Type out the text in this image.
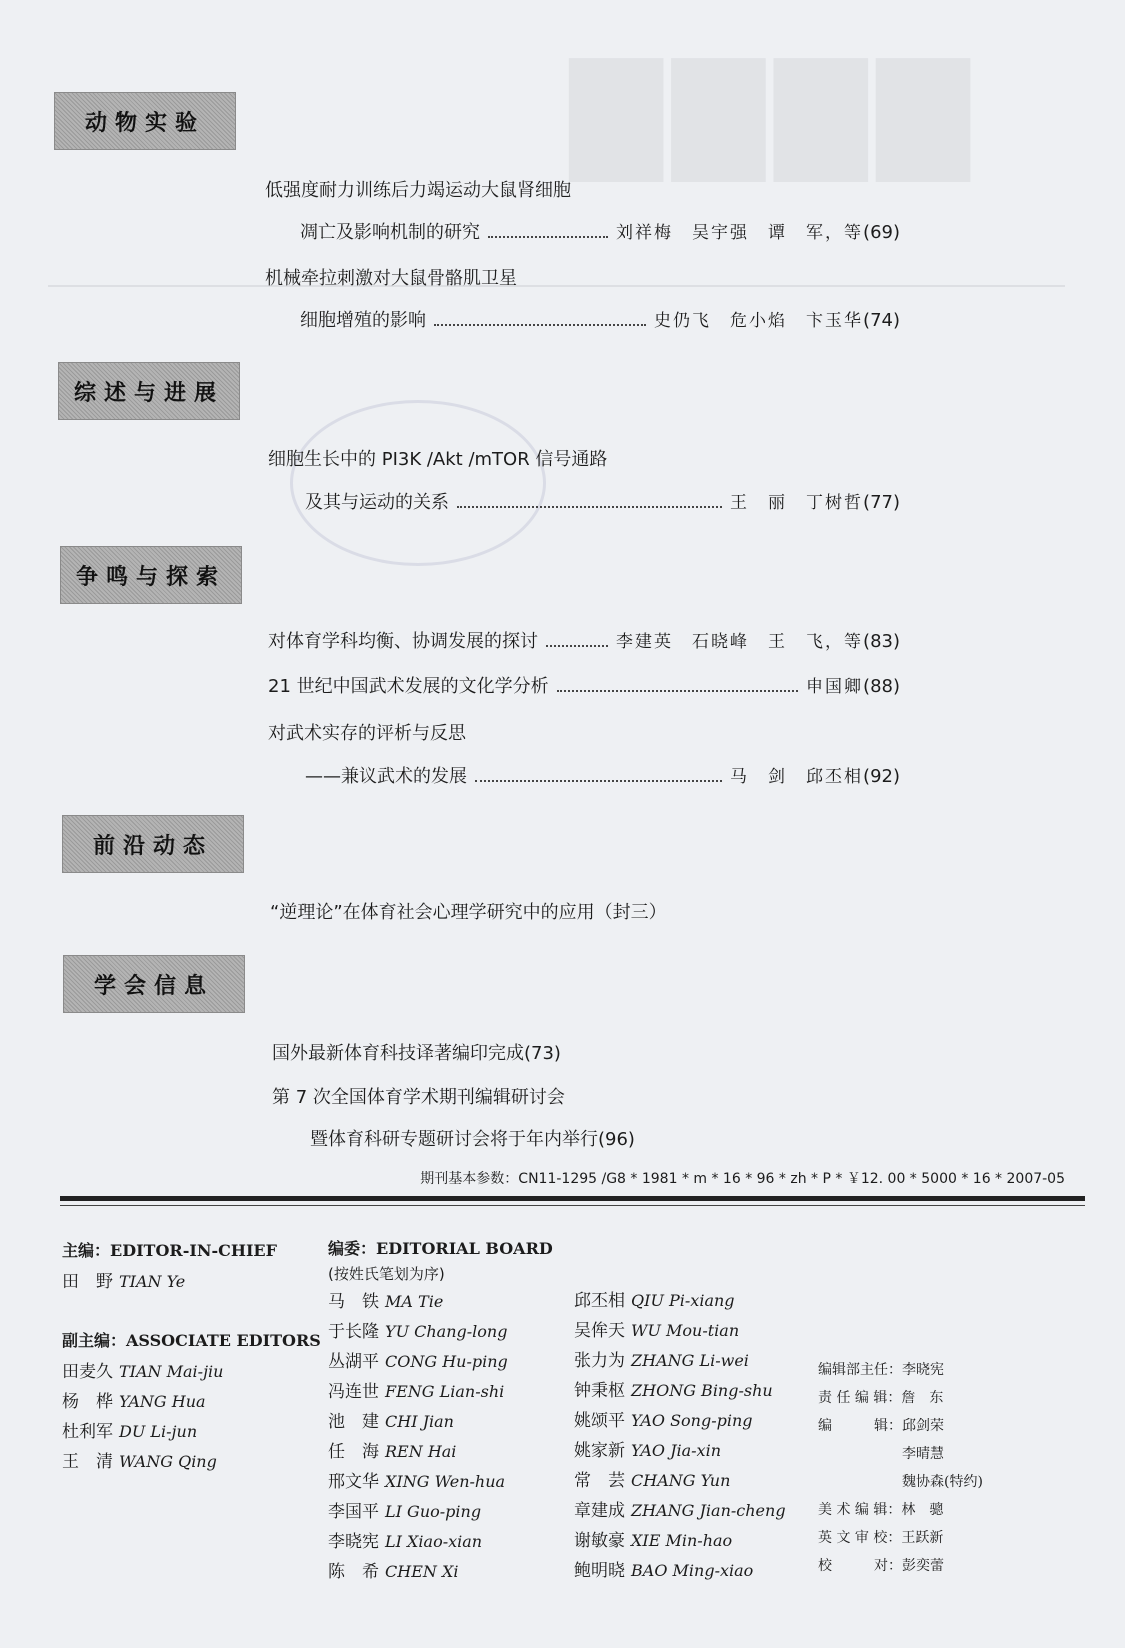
▇▇▇▇
动物实验
低强度耐力训练后力竭运动大鼠肾细胞
凋亡及影响机制的研究	刘祥梅　吴宇强　谭　军，等 (69)
机械牵拉刺激对大鼠骨骼肌卫星
细胞增殖的影响	史仍飞　危小焰　卞玉华 (74)
综述与进展
细胞生长中的 PI3K /Akt /mTOR 信号通路
及其与运动的关系	王　丽　丁树哲 (77)
争鸣与探索
对体育学科均衡、协调发展的探讨	李建英　石晓峰　王　飞，等 (83)
21 世纪中国武术发展的文化学分析	申国卿 (88)
对武术实存的评析与反思
——兼议武术的发展	马　剑　邱丕相 (92)
前沿动态
“逆理论”在体育社会心理学研究中的应用（封三）
学会信息
国外最新体育科技译著编印完成(73)
第 7 次全国体育学术期刊编辑研讨会
暨体育科研专题研讨会将于年内举行(96)
期刊基本参数：CN11-1295 /G8 * 1981 * m * 16 * 96 * zh * P * ￥12. 00 * 5000 * 16 * 2007-05
主编：EDITOR-IN-CHIEF
田　野 TIAN Ye
副主编：ASSOCIATE EDITORS
田麦久 TIAN Mai-jiu
杨　桦 YANG Hua
杜利军 DU Li-jun
王　清 WANG Qing
编委：EDITORIAL BOARD
(按姓氏笔划为序)
马　铁 MA Tie
于长隆 YU Chang-long
丛湖平 CONG Hu-ping
冯连世 FENG Lian-shi
池　建 CHI Jian
任　海 REN Hai
邢文华 XING Wen-hua
李国平 LI Guo-ping
李晓宪 LI Xiao-xian
陈　希 CHEN Xi
邱丕相 QIU Pi-xiang
吴侔天 WU Mou-tian
张力为 ZHANG Li-wei
钟秉枢 ZHONG Bing-shu
姚颂平 YAO Song-ping
姚家新 YAO Jia-xin
常　芸 CHANG Yun
章建成 ZHANG Jian-cheng
谢敏豪 XIE Min-hao
鲍明晓 BAO Ming-xiao
编辑部主任：李晓宪
责 任 编 辑：詹　东
编　　　辑：邱剑荣
　　　　　　李晴慧
　　　　　　魏协森(特约)
美 术 编 辑：林　骢
英 文 审 校：王跃新
校　　　对：彭奕蕾
